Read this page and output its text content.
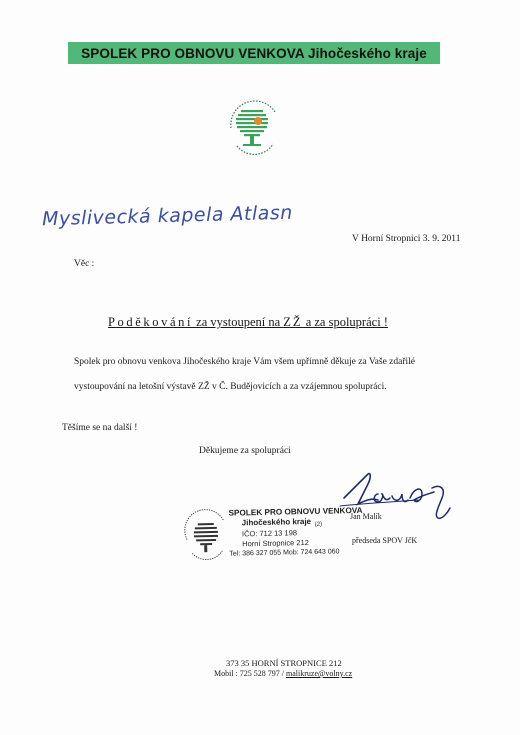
SPOLEK PRO OBNOVU VENKOVA Jihočeského kraje
Myslivecká kapela Atlasn
V Horní Stropnici 3. 9. 2011
Věc :
Poděkování za vystoupení na ZŽ a za spolupráci !
Spolek pro obnovu venkova Jihočeského kraje Vám všem upřímně děkuje za Vaše zdařilé
vystoupování na letošní výstavě ZŽ v Č. Budějovicích a za vzájemnou spolupráci.
Těšíme se na další !
Děkujeme za spolupráci
SPOLEK PRO OBNOVU VENKOVA
Jihočeského kraje (2)
IČO: 712 13 198
Horní Stropnice 212
Tel: 386 327 055 Mob: 724 643 060
Jan Malík
předseda SPOV JčK
373 35 HORNÍ STROPNICE 212
Mobil : 725 528 797 / malikruze@volny.cz
